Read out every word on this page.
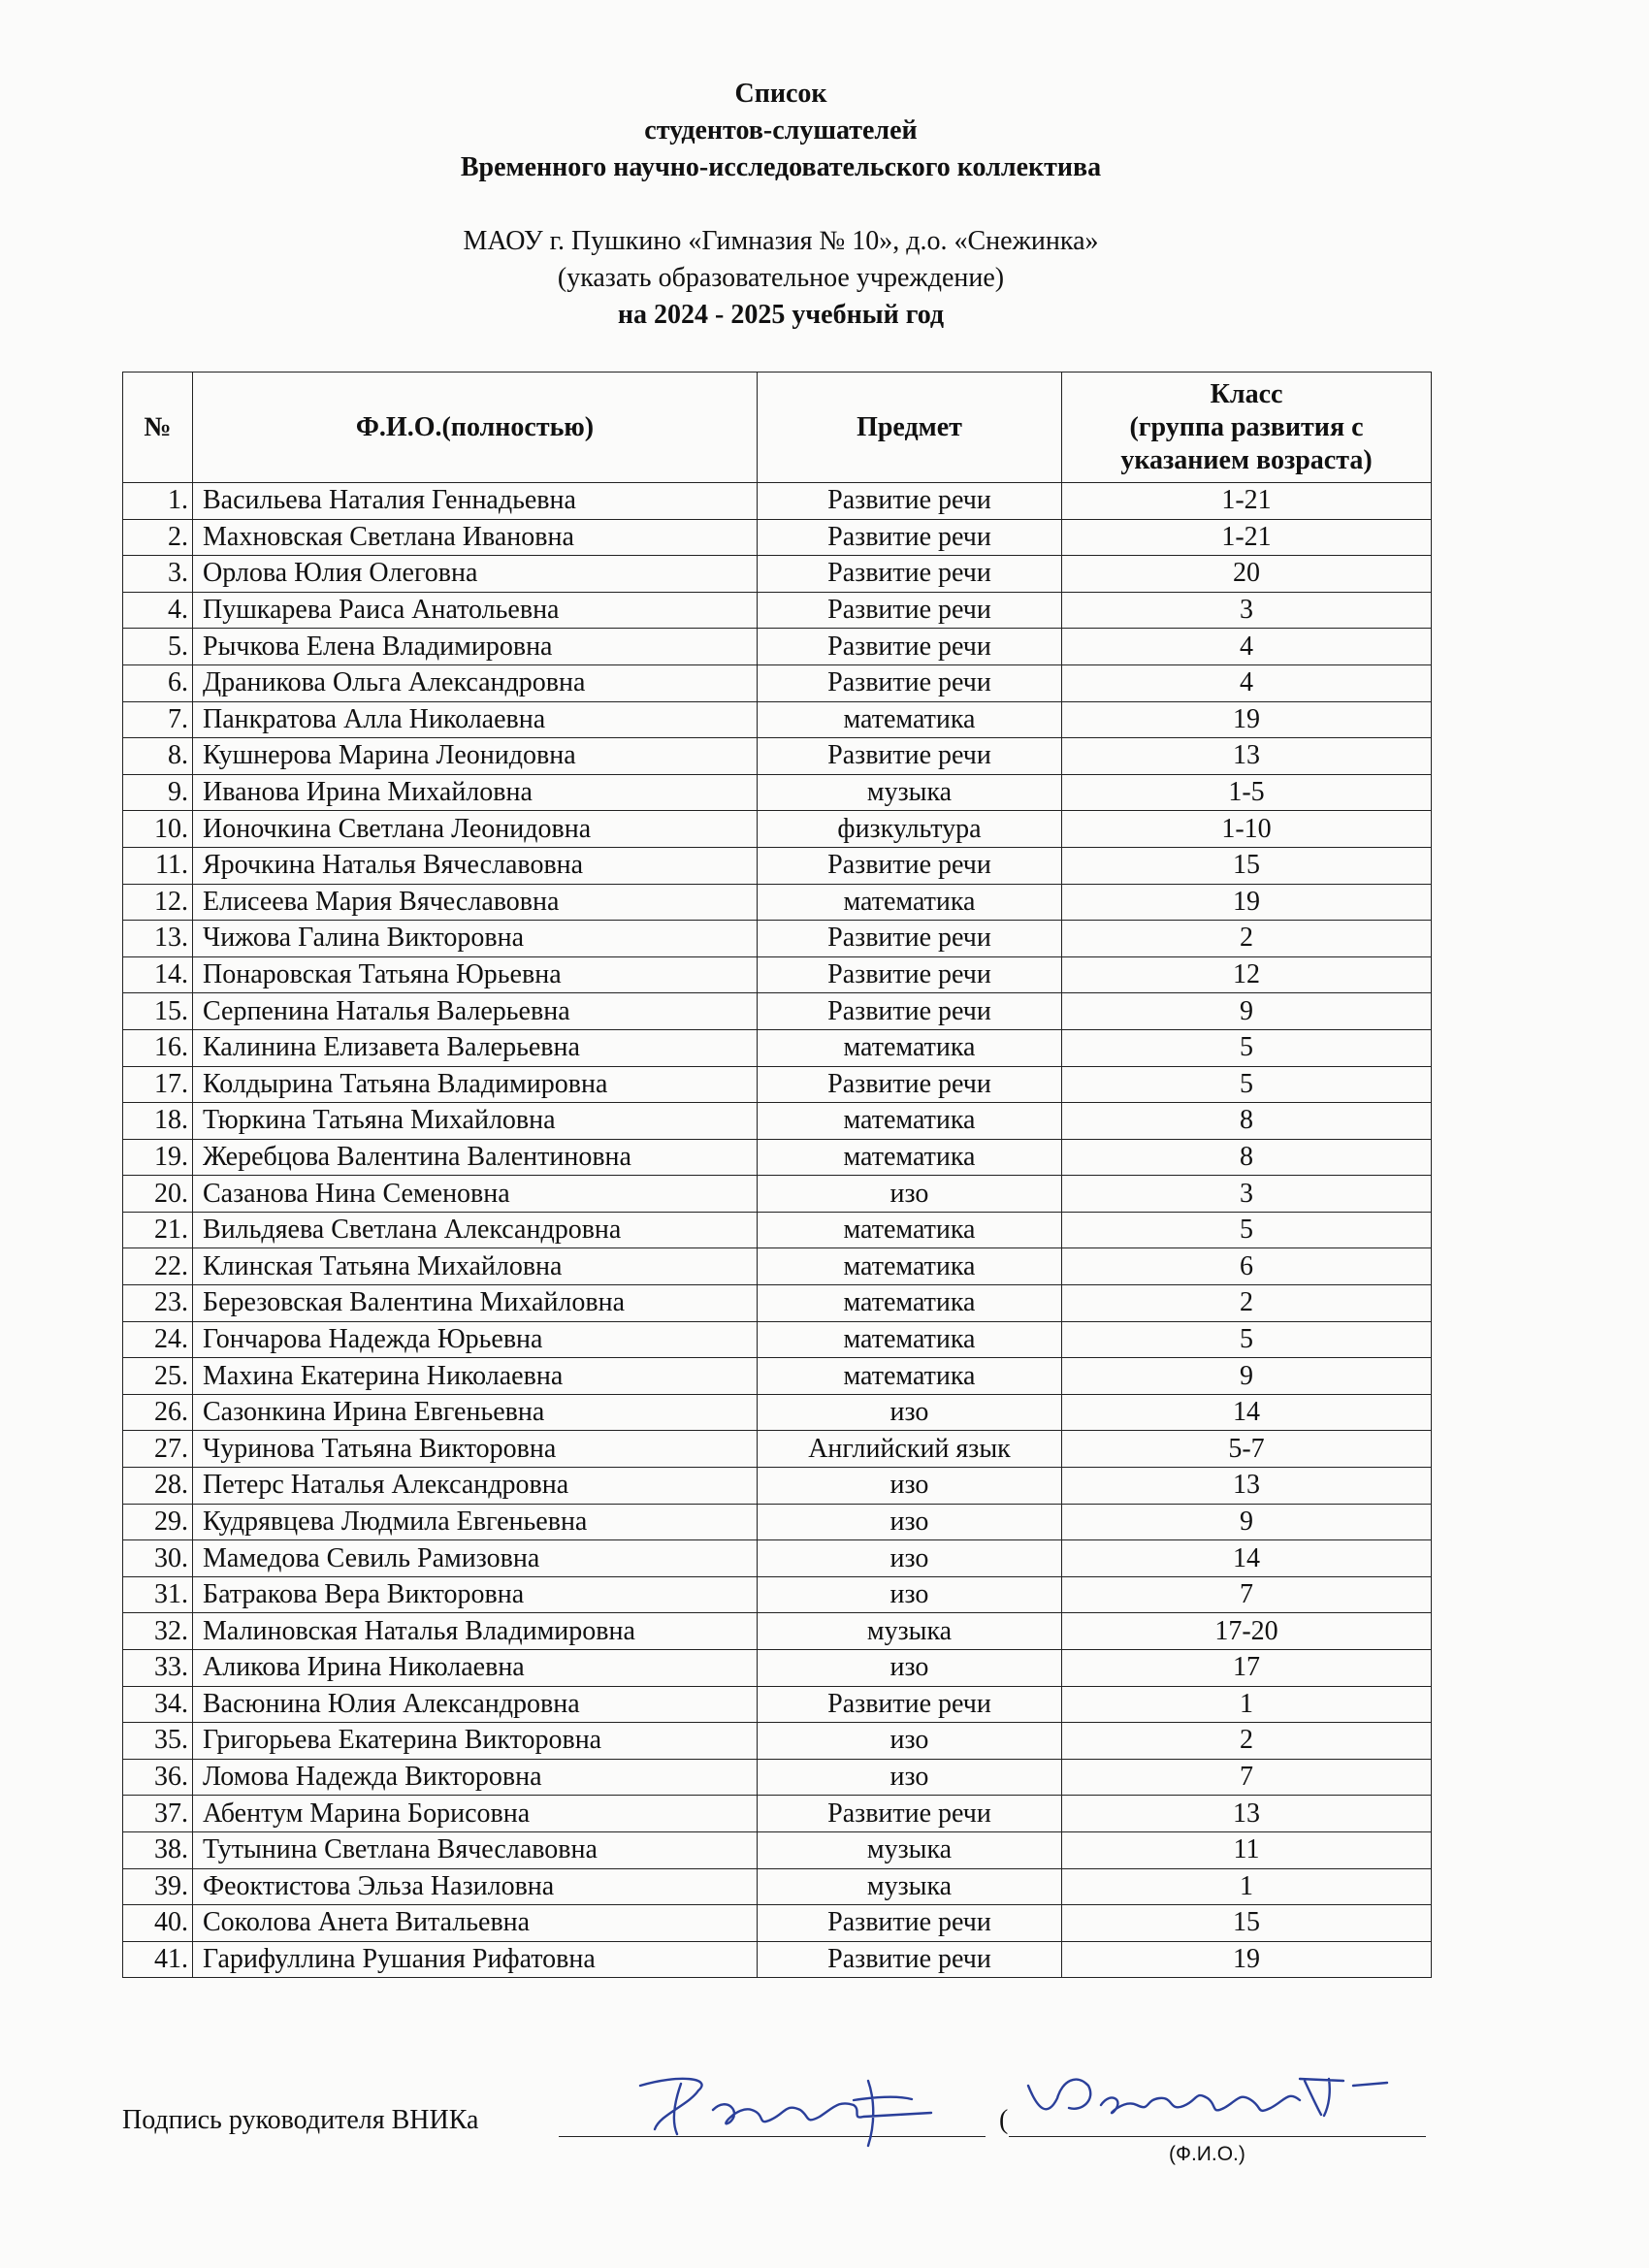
Список
студентов-слушателей
Временного научно-исследовательского коллектива
МАОУ г. Пушкино «Гимназия № 10», д.о. «Снежинка»
(указать образовательное учреждение)
на 2024 - 2025 учебный год
№	Ф.И.О.(полностью)	Предмет	Класс
(группа развития с
указанием возраста)

1.	Васильева Наталия Геннадьевна	Развитие речи	1-21
2.	Махновская Светлана Ивановна	Развитие речи	1-21
3.	Орлова Юлия Олеговна	Развитие речи	20
4.	Пушкарева Раиса Анатольевна	Развитие речи	3
5.	Рычкова Елена Владимировна	Развитие речи	4
6.	Драникова Ольга Александровна	Развитие речи	4
7.	Панкратова Алла Николаевна	математика	19
8.	Кушнерова Марина Леонидовна	Развитие речи	13
9.	Иванова Ирина Михайловна	музыка	1-5
10.	Ионочкина Светлана Леонидовна	физкультура	1-10
11.	Ярочкина Наталья Вячеславовна	Развитие речи	15
12.	Елисеева Мария Вячеславовна	математика	19
13.	Чижова Галина Викторовна	Развитие речи	2
14.	Понаровская Татьяна Юрьевна	Развитие речи	12
15.	Серпенина Наталья Валерьевна	Развитие речи	9
16.	Калинина Елизавета Валерьевна	математика	5
17.	Колдырина Татьяна Владимировна	Развитие речи	5
18.	Тюркина Татьяна Михайловна	математика	8
19.	Жеребцова Валентина Валентиновна	математика	8
20.	Сазанова Нина Семеновна	изо	3
21.	Вильдяева Светлана Александровна	математика	5
22.	Клинская Татьяна Михайловна	математика	6
23.	Березовская Валентина Михайловна	математика	2
24.	Гончарова Надежда Юрьевна	математика	5
25.	Махина Екатерина Николаевна	математика	9
26.	Сазонкина Ирина Евгеньевна	изо	14
27.	Чуринова Татьяна Викторовна	Английский язык	5-7
28.	Петерс Наталья Александровна	изо	13
29.	Кудрявцева Людмила Евгеньевна	изо	9
30.	Мамедова Севиль Рамизовна	изо	14
31.	Батракова Вера Викторовна	изо	7
32.	Малиновская Наталья Владимировна	музыка	17-20
33.	Аликова Ирина Николаевна	изо	17
34.	Васюнина Юлия Александровна	Развитие речи	1
35.	Григорьева Екатерина Викторовна	изо	2
36.	Ломова Надежда Викторовна	изо	7
37.	Абентум Марина Борисовна	Развитие речи	13
38.	Тутынина Светлана Вячеславовна	музыка	11
39.	Феоктистова Эльза Назиловна	музыка	1
40.	Соколова Анета Витальевна	Развитие речи	15
41.	Гарифуллина Рушания Рифатовна	Развитие речи	19
Подпись руководителя ВНИКа	(
(Ф.И.О.)
